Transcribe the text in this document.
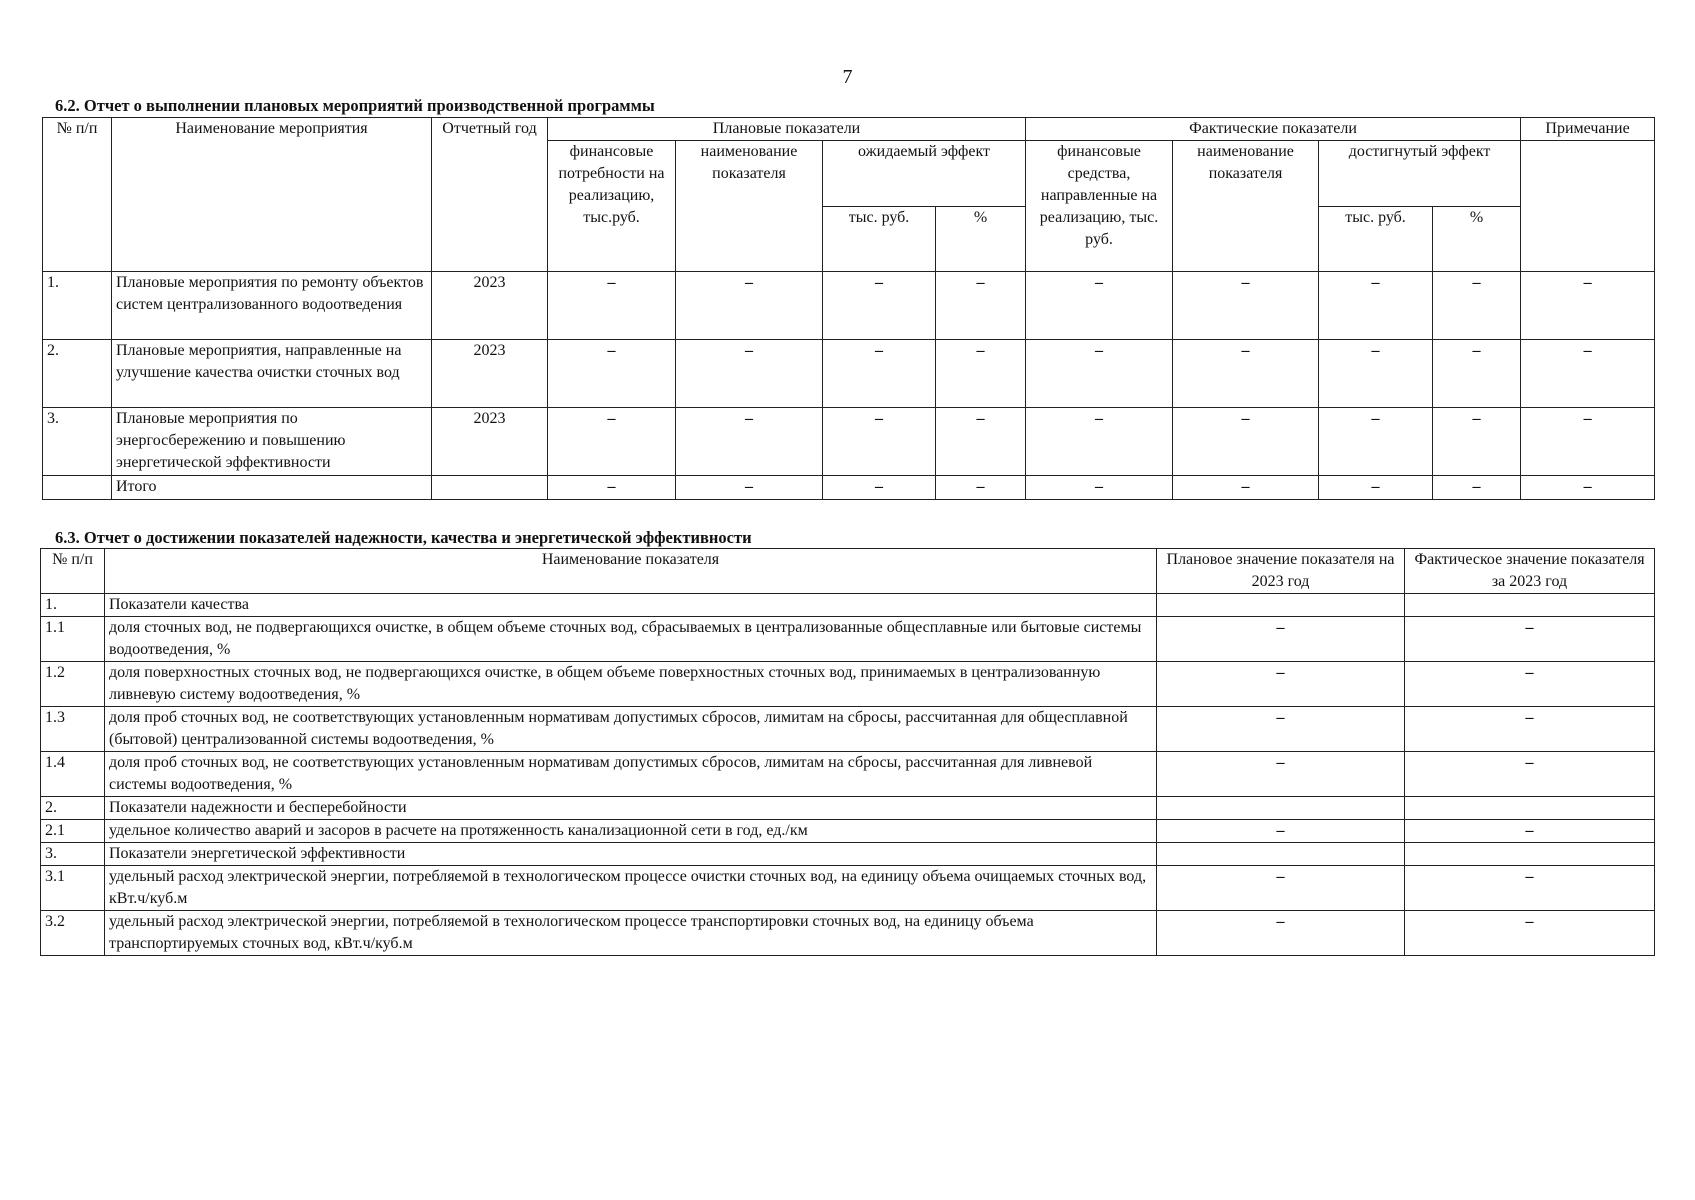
7
6.2. Отчет о выполнении плановых мероприятий производственной программы
№ п/п	Наименование мероприятия	Отчетный год	Плановые показатели				Фактические показатели				Примечание
			финансовые потребности на реализацию, тыс.руб.	наименование показателя	ожидаемый эффект		финансовые средства, направленные на реализацию, тыс. руб.	наименование показателя	достигнутый эффект		
					тыс. руб.	%			тыс. руб.	%	
1.	Плановые мероприятия по ремонту объектов систем централизованного водоотведения	2023	–	–	–	–	–	–	–	–	–
2.	Плановые мероприятия, направленные на улучшение качества очистки сточных вод	2023	–	–	–	–	–	–	–	–	–
3.	Плановые мероприятия по энергосбережению и повышению энергетической эффективности	2023	–	–	–	–	–	–	–	–	–
	Итого		–	–	–	–	–	–	–	–	–
6.3. Отчет о достижении показателей надежности, качества и энергетической эффективности
№ п/п	Наименование показателя	Плановое значение показателя на 2023 год	Фактическое значение показателя за 2023 год
1.	Показатели качества		
1.1	доля сточных вод, не подвергающихся очистке, в общем объеме сточных вод, сбрасываемых в централизованные общесплавные или бытовые системы водоотведения, %	–	–
1.2	доля поверхностных сточных вод, не подвергающихся очистке, в общем объеме поверхностных сточных вод, принимаемых в централизованную ливневую систему водоотведения, %	–	–
1.3	доля проб сточных вод, не соответствующих установленным нормативам допустимых сбросов, лимитам на сбросы, рассчитанная для общесплавной (бытовой) централизованной системы водоотведения, %	–	–
1.4	доля проб сточных вод, не соответствующих установленным нормативам допустимых сбросов, лимитам на сбросы, рассчитанная для ливневой системы водоотведения, %	–	–
2.	Показатели надежности и бесперебойности		
2.1	удельное количество аварий и засоров в расчете на протяженность канализационной сети в год, ед./км	–	–
3.	Показатели энергетической эффективности		
3.1	удельный расход электрической энергии, потребляемой в технологическом процессе очистки сточных вод, на единицу объема очищаемых сточных вод, кВт.ч/куб.м	–	–
3.2	удельный расход электрической энергии, потребляемой в технологическом процессе транспортировки сточных вод, на единицу объема транспортируемых сточных вод, кВт.ч/куб.м	–	–
